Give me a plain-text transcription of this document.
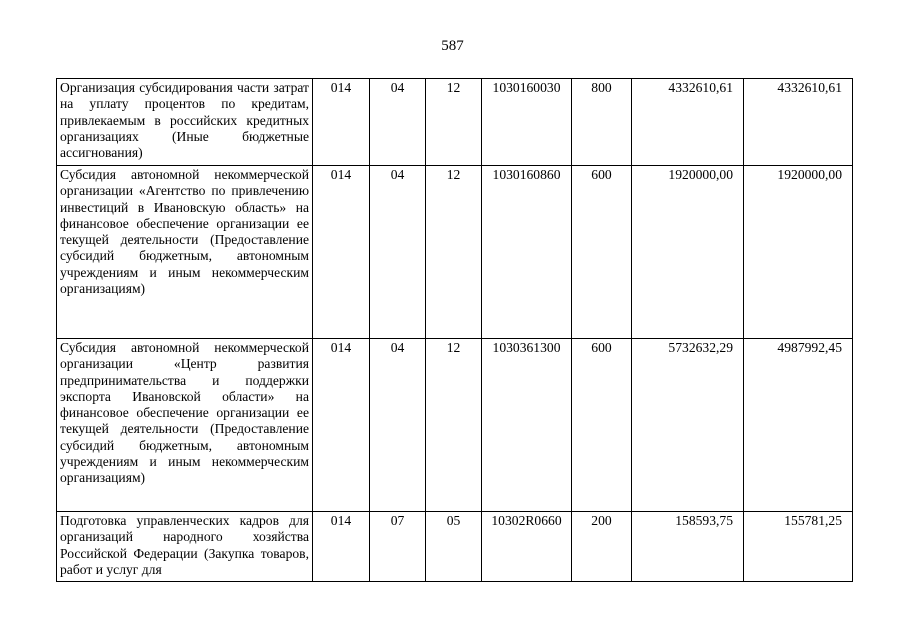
587
Организация субсидирования части затрат на уплату процентов по кредитам, привлекаемым в российских кредитных организациях (Иные бюджетные ассигнования)	014	04	12	1030160030	800	4332610,61	4332610,61
Субсидия автономной некоммерческой организации «Агентство по привлечению инвестиций в Ивановскую область» на финансовое обеспечение организации ее текущей деятельности (Предоставление субсидий бюджетным, автономным учреждениям и иным некоммерческим организациям)	014	04	12	1030160860	600	1920000,00	1920000,00
Субсидия автономной некоммерческой организации «Центр развития предпринимательства и поддержки экспорта Ивановской области» на финансовое обеспечение организации ее текущей деятельности (Предоставление субсидий бюджетным, автономным учреждениям и иным некоммерческим организациям)	014	04	12	1030361300	600	5732632,29	4987992,45
Подготовка управленческих кадров для организаций народного хозяйства Российской Федерации (Закупка товаров, работ и услуг для	014	07	05	10302R0660	200	158593,75	155781,25
